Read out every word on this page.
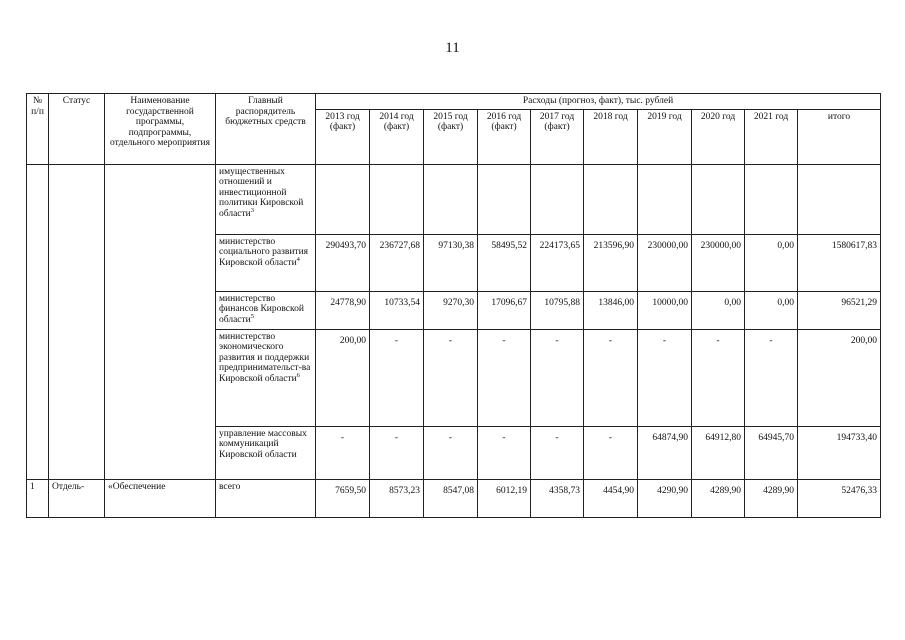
11
№ п/п	Статус	Наименование государственной программы, подпрограммы, отдельного мероприятия	Главный распорядитель бюджетных средств	Расходы (прогноз, факт), тыс. рублей									
				2013 год (факт)	2014 год (факт)	2015 год (факт)	2016 год (факт)	2017 год (факт)	2018 год	2019 год	2020 год	2021 год	итого
			имущественных отношений и инвестиционной политики Кировской области$^3$										
			министерство социального развития Кировской области$^4$	290493,70	236727,68	97130,38	58495,52	224173,65	213596,90	230000,00	230000,00	0,00	1580617,83
			министерство финансов Кировской области$^5$	24778,90	10733,54	9270,30	17096,67	10795,88	13846,00	10000,00	0,00	0,00	96521,29
			министерство экономического развития и поддержки предпринимательст-ва Кировской области$^6$	200,00	-	-	-	-	-	-	-	-	200,00
			управление массовых коммуникаций Кировской области	-	-	-	-	-	-	64874,90	64912,80	64945,70	194733,40
1	Отдель-	«Обеспечение	всего	7659,50	8573,23	8547,08	6012,19	4358,73	4454,90	4290,90	4289,90	4289,90	52476,33
